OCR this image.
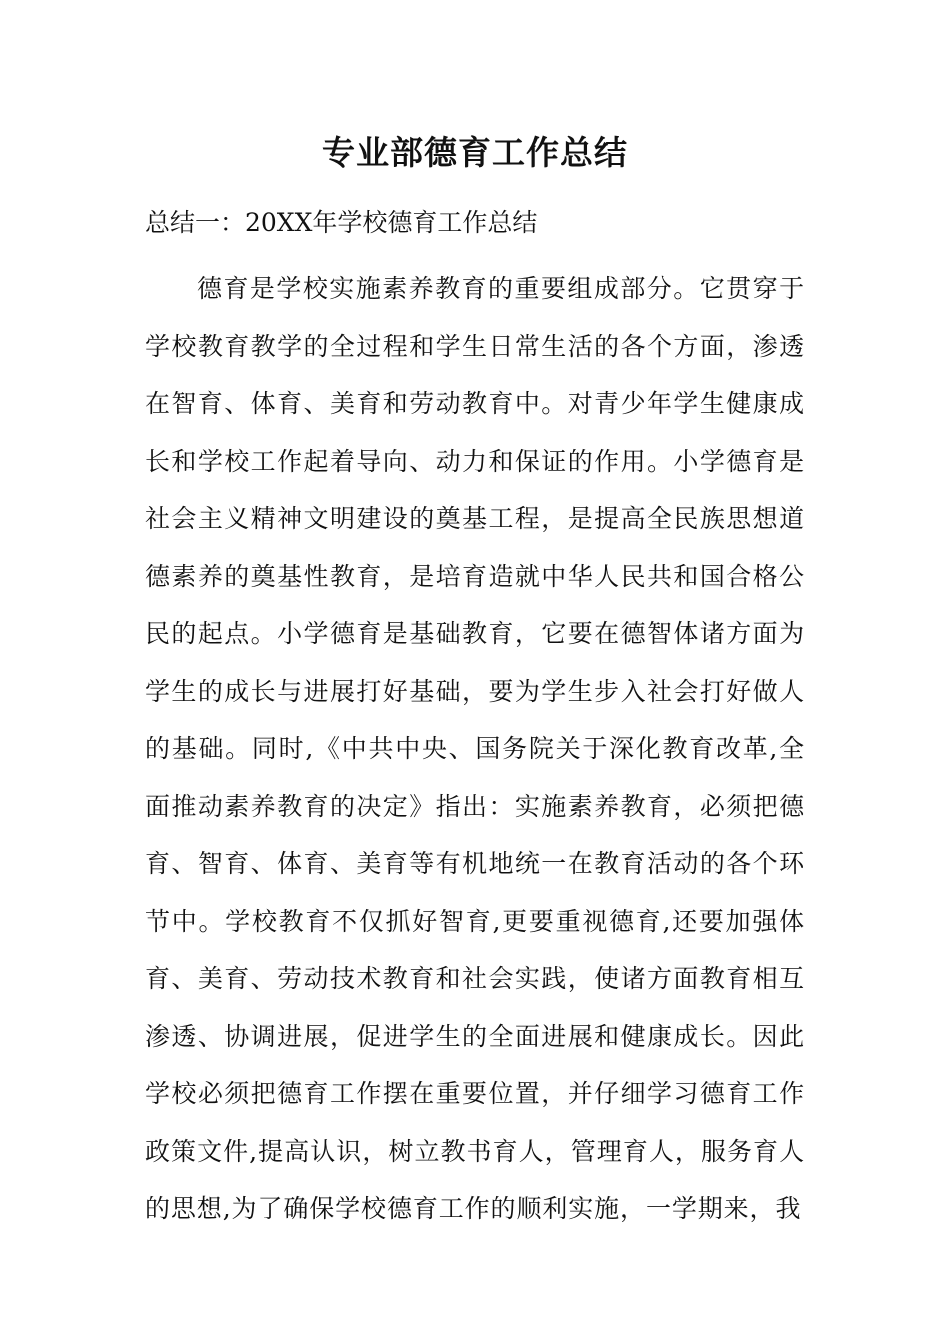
专业部德育工作总结

总结一：20XX年学校德育工作总结

德育是学校实施素养教育的重要组成部分。它贯穿于学校教育教学的全过程和学生日常生活的各个方面，渗透在智育、体育、美育和劳动教育中。对青少年学生健康成长和学校工作起着导向、动力和保证的作用。小学德育是社会主义精神文明建设的奠基工程，是提高全民族思想道德素养的奠基性教育，是培育造就中华人民共和国合格公民的起点。小学德育是基础教育，它要在德智体诸方面为学生的成长与进展打好基础，要为学生步入社会打好做人的基础。同时,《中共中央、国务院关于深化教育改革,全面推动素养教育的决定》指出：实施素养教育，必须把德育、智育、体育、美育等有机地统一在教育活动的各个环节中。学校教育不仅抓好智育,更要重视德育,还要加强体育、美育、劳动技术教育和社会实践，使诸方面教育相互渗透、协调进展，促进学生的全面进展和健康成长。因此学校必须把德育工作摆在重要位置，并仔细学习德育工作政策文件,提高认识，树立教书育人，管理育人，服务育人的思想,为了确保学校德育工作的顺利实施，一学期来，我
